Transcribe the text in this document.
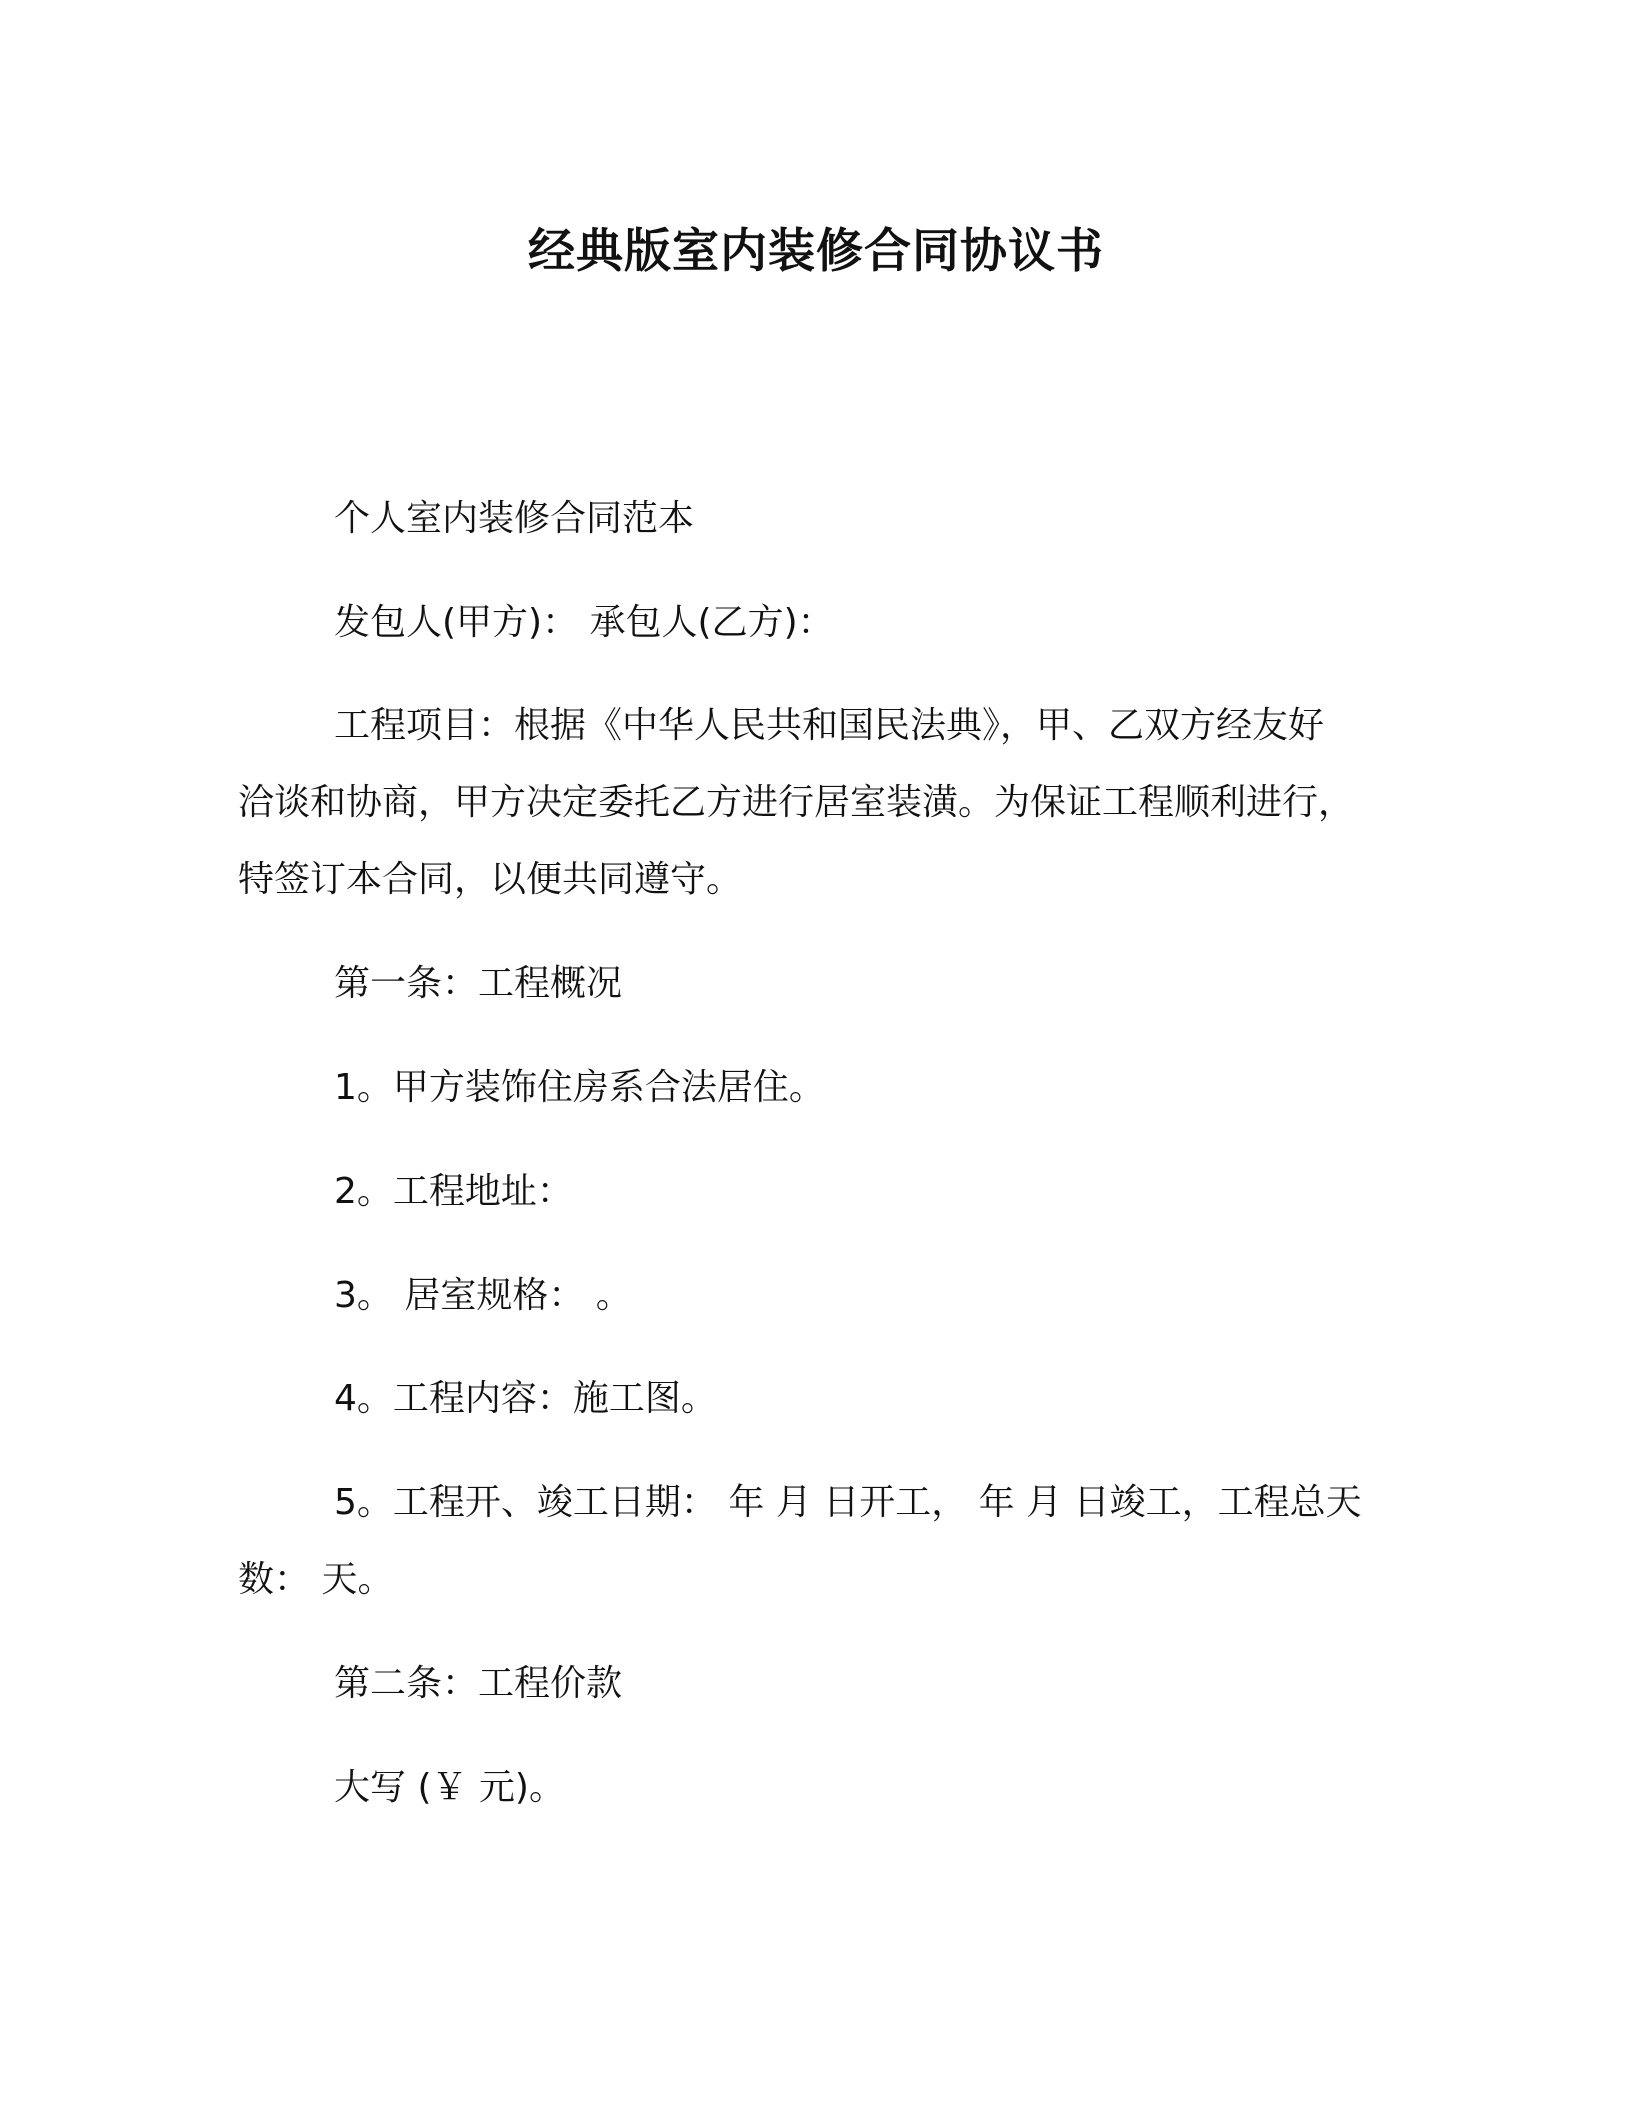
经典版室内装修合同协议书
个人室内装修合同范本
发包人(甲方)： 承包人(乙方)：
工程项目：根据《中华人民共和国民法典》，甲、乙双方经友好
洽谈和协商，甲方决定委托乙方进行居室装潢。为保证工程顺利进行，
特签订本合同，以便共同遵守。
第一条：工程概况
1。甲方装饰住房系合法居住。
2。工程地址：
3。 居室规格： 。
4。工程内容：施工图。
5。工程开、竣工日期： 年 月 日开工， 年 月 日竣工，工程总天
数： 天。
第二条：工程价款
大写 (￥ 元)。
